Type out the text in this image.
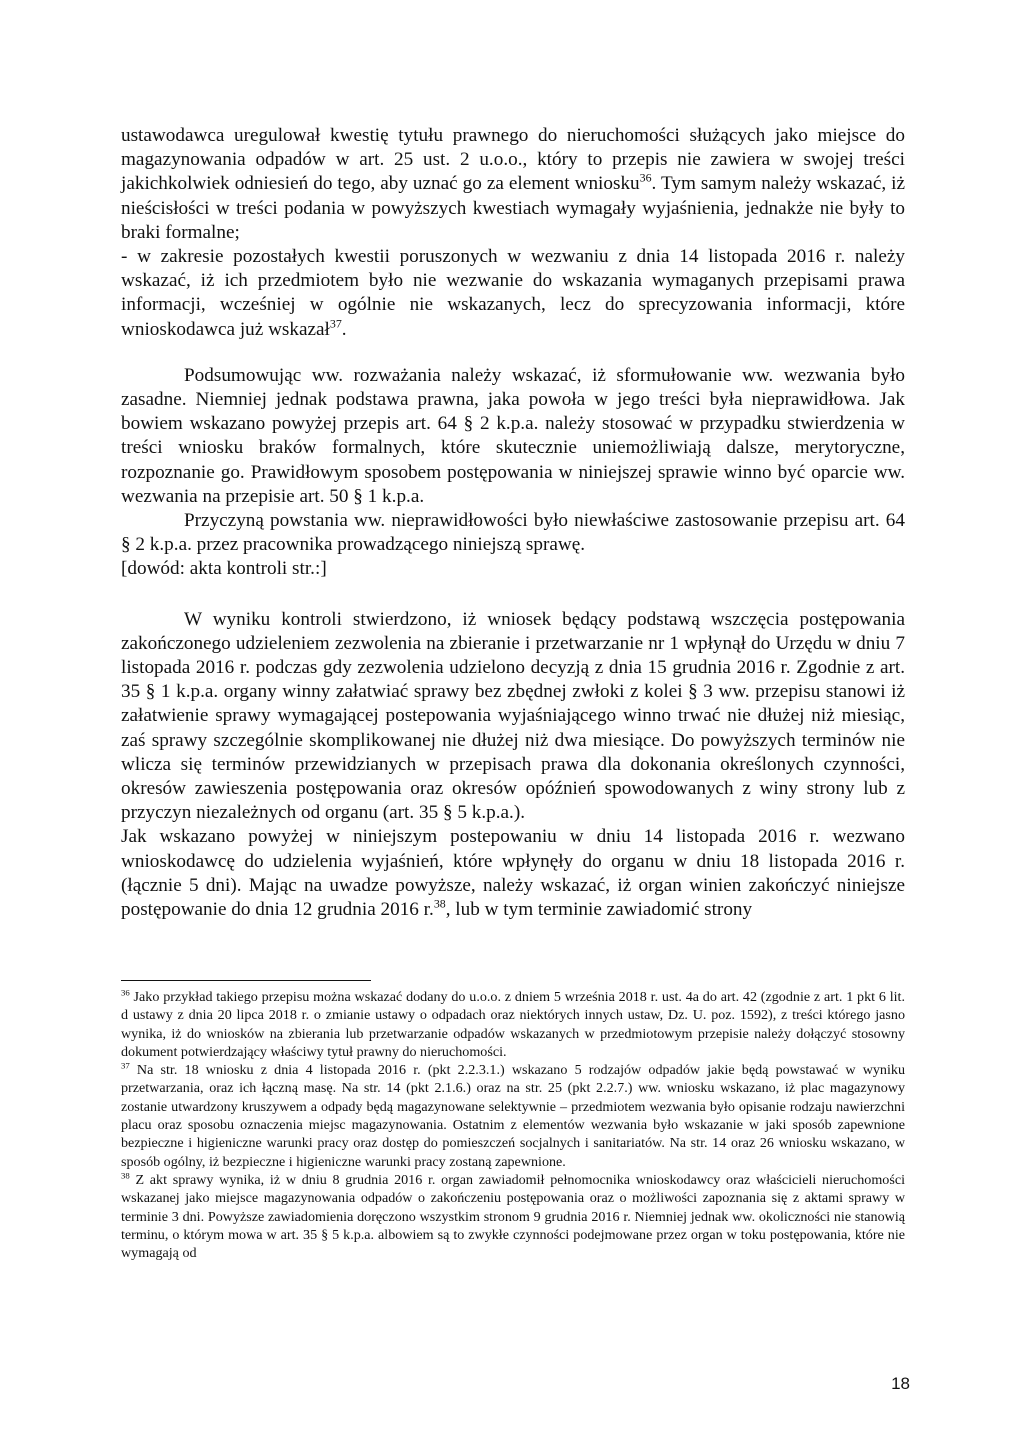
ustawodawca uregulował kwestię tytułu prawnego do nieruchomości służących jako miejsce do magazynowania odpadów w art. 25 ust. 2 u.o.o., który to przepis nie zawiera w swojej treści jakichkolwiek odniesień do tego, aby uznać go za element wniosku$^{36}$. Tym samym należy wskazać, iż nieścisłości w treści podania w powyższych kwestiach wymagały wyjaśnienia, jednakże nie były to braki formalne;

- w zakresie pozostałych kwestii poruszonych w wezwaniu z dnia 14 listopada 2016 r. należy wskazać, iż ich przedmiotem było nie wezwanie do wskazania wymaganych przepisami prawa informacji, wcześniej w ogólnie nie wskazanych, lecz do sprecyzowania informacji, które wnioskodawca już wskazał$^{37}$.

Podsumowując ww. rozważania należy wskazać, iż sformułowanie ww. wezwania było zasadne. Niemniej jednak podstawa prawna, jaka powoła w jego treści była nieprawidłowa. Jak bowiem wskazano powyżej przepis art. 64 § 2 k.p.a. należy stosować w przypadku stwierdzenia w treści wniosku braków formalnych, które skutecznie uniemożliwiają dalsze, merytoryczne, rozpoznanie go. Prawidłowym sposobem postępowania w niniejszej sprawie winno być oparcie ww. wezwania na przepisie art. 50 § 1 k.p.a.

Przyczyną powstania ww. nieprawidłowości było niewłaściwe zastosowanie przepisu art. 64 § 2 k.p.a. przez pracownika prowadzącego niniejszą sprawę.

[dowód: akta kontroli str.:]

W wyniku kontroli stwierdzono, iż wniosek będący podstawą wszczęcia postępowania zakończonego udzieleniem zezwolenia na zbieranie i przetwarzanie nr 1 wpłynął do Urzędu w dniu 7 listopada 2016 r. podczas gdy zezwolenia udzielono decyzją z dnia 15 grudnia 2016 r. Zgodnie z art. 35 § 1 k.p.a. organy winny załatwiać sprawy bez zbędnej zwłoki z kolei § 3 ww. przepisu stanowi iż załatwienie sprawy wymagającej postepowania wyjaśniającego winno trwać nie dłużej niż miesiąc, zaś sprawy szczególnie skomplikowanej nie dłużej niż dwa miesiące. Do powyższych terminów nie wlicza się terminów przewidzianych w przepisach prawa dla dokonania określonych czynności, okresów zawieszenia postępowania oraz okresów opóźnień spowodowanych z winy strony lub z przyczyn niezależnych od organu (art. 35 § 5 k.p.a.).

Jak wskazano powyżej w niniejszym postepowaniu w dniu 14 listopada 2016 r. wezwano wnioskodawcę do udzielenia wyjaśnień, które wpłynęły do organu w dniu 18 listopada 2016 r. (łącznie 5 dni). Mając na uwadze powyższe, należy wskazać, iż organ winien zakończyć niniejsze postępowanie do dnia 12 grudnia 2016 r.$^{38}$, lub w tym terminie zawiadomić strony

$^{36}$ Jako przykład takiego przepisu można wskazać dodany do u.o.o. z dniem 5 września 2018 r. ust. 4a do art. 42 (zgodnie z art. 1 pkt 6 lit. d ustawy z dnia 20 lipca 2018 r. o zmianie ustawy o odpadach oraz niektórych innych ustaw, Dz. U. poz. 1592), z treści którego jasno wynika, iż do wniosków na zbierania lub przetwarzanie odpadów wskazanych w przedmiotowym przepisie należy dołączyć stosowny dokument potwierdzający właściwy tytuł prawny do nieruchomości.

$^{37}$ Na str. 18 wniosku z dnia 4 listopada 2016 r. (pkt 2.2.3.1.) wskazano 5 rodzajów odpadów jakie będą powstawać w wyniku przetwarzania, oraz ich łączną masę. Na str. 14 (pkt 2.1.6.) oraz na str. 25 (pkt 2.2.7.) ww. wniosku wskazano, iż plac magazynowy zostanie utwardzony kruszywem a odpady będą magazynowane selektywnie – przedmiotem wezwania było opisanie rodzaju nawierzchni placu oraz sposobu oznaczenia miejsc magazynowania. Ostatnim z elementów wezwania było wskazanie w jaki sposób zapewnione bezpieczne i higieniczne warunki pracy oraz dostęp do pomieszczeń socjalnych i sanitariatów. Na str. 14 oraz 26 wniosku wskazano, w sposób ogólny, iż bezpieczne i higieniczne warunki pracy zostaną zapewnione.

$^{38}$ Z akt sprawy wynika, iż w dniu 8 grudnia 2016 r. organ zawiadomił pełnomocnika wnioskodawcy oraz właścicieli nieruchomości wskazanej jako miejsce magazynowania odpadów o zakończeniu postępowania oraz o możliwości zapoznania się z aktami sprawy w terminie 3 dni. Powyższe zawiadomienia doręczono wszystkim stronom 9 grudnia 2016 r. Niemniej jednak ww. okoliczności nie stanowią terminu, o którym mowa w art. 35 § 5 k.p.a. albowiem są to zwykłe czynności podejmowane przez organ w toku postępowania, które nie wymagają od

18
